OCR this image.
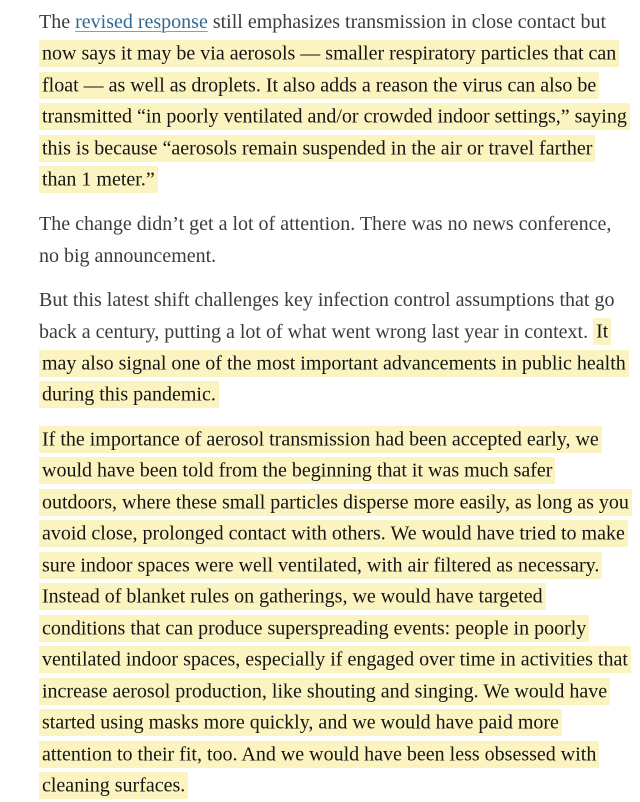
The revised response still emphasizes transmission in close contact but now says it may be via aerosols — smaller respiratory particles that can float — as well as droplets. It also adds a reason the virus can also be transmitted “in poorly ventilated and/or crowded indoor settings,” saying this is because “aerosols remain suspended in the air or travel farther than 1 meter.”

The change didn’t get a lot of attention. There was no news conference, no big announcement.

But this latest shift challenges key infection control assumptions that go back a century, putting a lot of what went wrong last year in context. It may also signal one of the most important advancements in public health during this pandemic.

If the importance of aerosol transmission had been accepted early, we would have been told from the beginning that it was much safer outdoors, where these small particles disperse more easily, as long as you avoid close, prolonged contact with others. We would have tried to make sure indoor spaces were well ventilated, with air filtered as necessary. Instead of blanket rules on gatherings, we would have targeted conditions that can produce superspreading events: people in poorly ventilated indoor spaces, especially if engaged over time in activities that increase aerosol production, like shouting and singing. We would have started using masks more quickly, and we would have paid more attention to their fit, too. And we would have been less obsessed with cleaning surfaces.
